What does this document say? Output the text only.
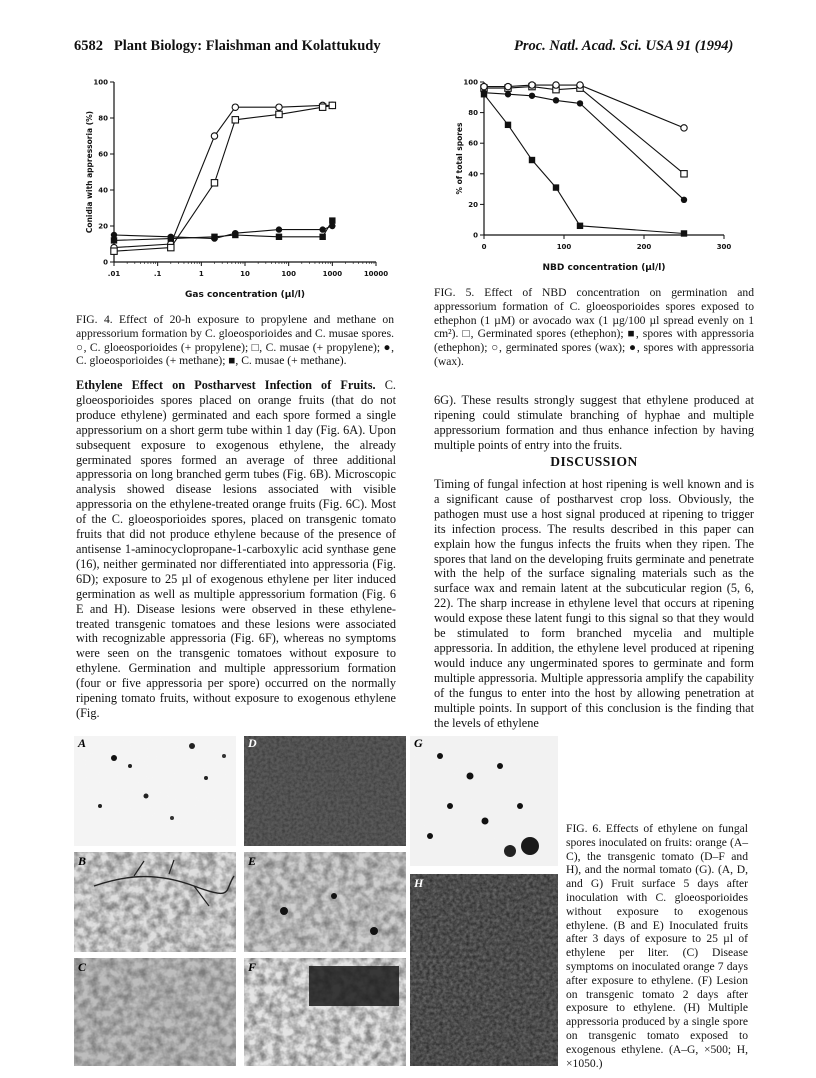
6582 Plant Biology: Flaishman and Kolattukudy	Proc. Natl. Acad. Sci. USA 91 (1994)
0
20
40
60
80
100
.01	.1	1	10	100	1000	10000
Gas concentration (µl/l)
Conidia with appressoria (%)
FIG. 4. Effect of 20-h exposure to propylene and methane on appressorium formation by C. gloeosporioides and C. musae spores. ○, C. gloeosporioides (+ propylene); □, C. musae (+ propylene); ●, C. gloeosporioides (+ methane); ■, C. musae (+ methane).
0
20
40
60
80
100
0	100	200	300
NBD concentration (µl/l)
% of total spores
FIG. 5. Effect of NBD concentration on germination and appressorium formation of C. gloeosporioides spores exposed to ethephon (1 µM) or avocado wax (1 µg/100 µl spread evenly on 1 cm²). □, Germinated spores (ethephon); ■, spores with appressoria (ethephon); ○, germinated spores (wax); ●, spores with appressoria (wax).
Ethylene Effect on Postharvest Infection of Fruits. C. gloeosporioides spores placed on orange fruits (that do not produce ethylene) germinated and each spore formed a single appressorium on a short germ tube within 1 day (Fig. 6A). Upon subsequent exposure to exogenous ethylene, the already germinated spores formed an average of three additional appressoria on long branched germ tubes (Fig. 6B). Microscopic analysis showed disease lesions associated with visible appressoria on the ethylene-treated orange fruits (Fig. 6C). Most of the C. gloeosporioides spores, placed on transgenic tomato fruits that did not produce ethylene because of the presence of antisense 1-aminocyclopropane-1-carboxylic acid synthase gene (16), neither germinated nor differentiated into appressoria (Fig. 6D); exposure to 25 µl of exogenous ethylene per liter induced germination as well as multiple appressorium formation (Fig. 6 E and H). Disease lesions were observed in these ethylene-treated transgenic tomatoes and these lesions were associated with recognizable appressoria (Fig. 6F), whereas no symptoms were seen on the transgenic tomatoes without exposure to ethylene. Germination and multiple appressorium formation (four or five appressoria per spore) occurred on the normally ripening tomato fruits, without exposure to exogenous ethylene (Fig.
6G). These results strongly suggest that ethylene produced at ripening could stimulate branching of hyphae and multiple appressorium formation and thus enhance infection by having multiple points of entry into the fruits.
DISCUSSION
Timing of fungal infection at host ripening is well known and is a significant cause of postharvest crop loss. Obviously, the pathogen must use a host signal produced at ripening to trigger its infection process. The results described in this paper can explain how the fungus infects the fruits when they ripen. The spores that land on the developing fruits germinate and penetrate with the help of the surface signaling materials such as the surface wax and remain latent at the subcuticular region (5, 6, 22). The sharp increase in ethylene level that occurs at ripening would expose these latent fungi to this signal so that they would be stimulated to form branched mycelia and multiple appressoria. In addition, the ethylene level produced at ripening would induce any ungerminated spores to germinate and form multiple appressoria. Multiple appressoria amplify the capability of the fungus to enter into the host by allowing penetration at multiple points. In support of this conclusion is the finding that the levels of ethylene
A
B
C
D
E
F
G
H
FIG. 6. Effects of ethylene on fungal spores inoculated on fruits: orange (A–C), the transgenic tomato (D–F and H), and the normal tomato (G). (A, D, and G) Fruit surface 5 days after inoculation with C. gloeosporioides without exposure to exogenous ethylene. (B and E) Inoculated fruits after 3 days of exposure to 25 µl of ethylene per liter. (C) Disease symptoms on inoculated orange 7 days after exposure to ethylene. (F) Lesion on transgenic tomato 2 days after exposure to ethylene. (H) Multiple appressoria produced by a single spore on transgenic tomato exposed to exogenous ethylene. (A–G, ×500; H, ×1050.)
